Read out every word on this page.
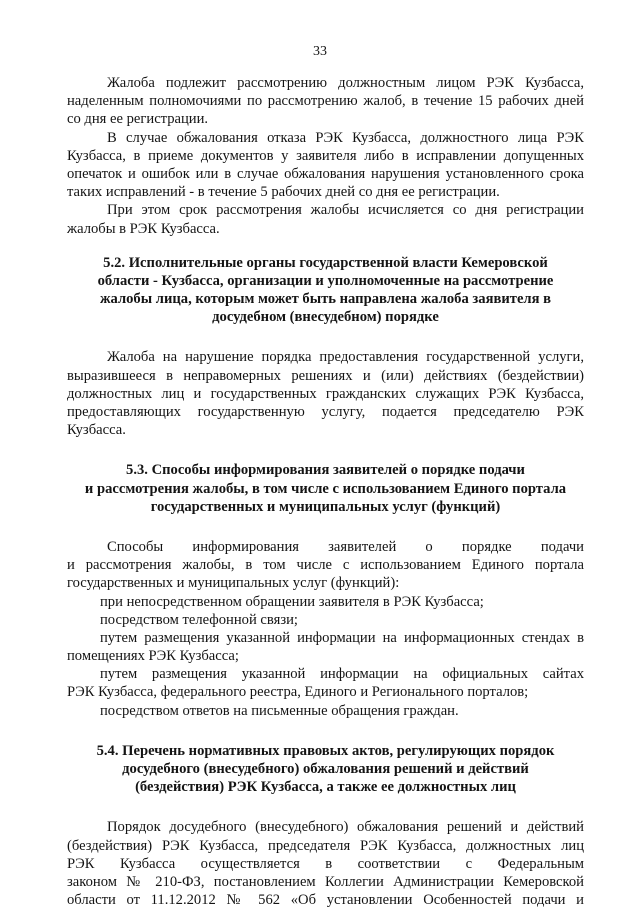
33
Жалоба подлежит рассмотрению должностным лицом РЭК Кузбасса,
наделенным полномочиями по рассмотрению жалоб, в течение 15 рабочих дней
со дня ее регистрации.
В случае обжалования отказа РЭК Кузбасса, должностного лица РЭК
Кузбасса, в приеме документов у заявителя либо в исправлении допущенных
опечаток и ошибок или в случае обжалования нарушения установленного срока
таких исправлений - в течение 5 рабочих дней со дня ее регистрации.
При этом срок рассмотрения жалобы исчисляется со дня регистрации
жалобы в РЭК Кузбасса.
5.2. Исполнительные органы государственной власти Кемеровской
области - Кузбасса, организации и уполномоченные на рассмотрение
жалобы лица, которым может быть направлена жалоба заявителя в
досудебном (внесудебном) порядке
Жалоба на нарушение порядка предоставления государственной услуги,
выразившееся в неправомерных решениях и (или) действиях (бездействии)
должностных лиц и государственных гражданских служащих РЭК Кузбасса,
предоставляющих государственную услугу, подается председателю РЭК
Кузбасса.
5.3. Способы информирования заявителей о порядке подачи
и рассмотрения жалобы, в том числе с использованием Единого портала
государственных и муниципальных услуг (функций)
Способы информирования заявителей о порядке подачи
и рассмотрения жалобы, в том числе с использованием Единого портала
государственных и муниципальных услуг (функций):
при непосредственном обращении заявителя в РЭК Кузбасса;
посредством телефонной связи;
путем размещения указанной информации на информационных стендах в
помещениях РЭК Кузбасса;
путем размещения указанной информации на официальных сайтах
РЭК Кузбасса, федерального реестра, Единого и Регионального порталов;
посредством ответов на письменные обращения граждан.
5.4. Перечень нормативных правовых актов, регулирующих порядок
досудебного (внесудебного) обжалования решений и действий
(бездействия) РЭК Кузбасса, а также ее должностных лиц
Порядок досудебного (внесудебного) обжалования решений и действий
(бездействия) РЭК Кузбасса, председателя РЭК Кузбасса, должностных лиц
РЭК Кузбасса осуществляется в соответствии с Федеральным
законом № 210-ФЗ, постановлением Коллегии Администрации Кемеровской
области от 11.12.2012 № 562 «Об установлении Особенностей подачи и
